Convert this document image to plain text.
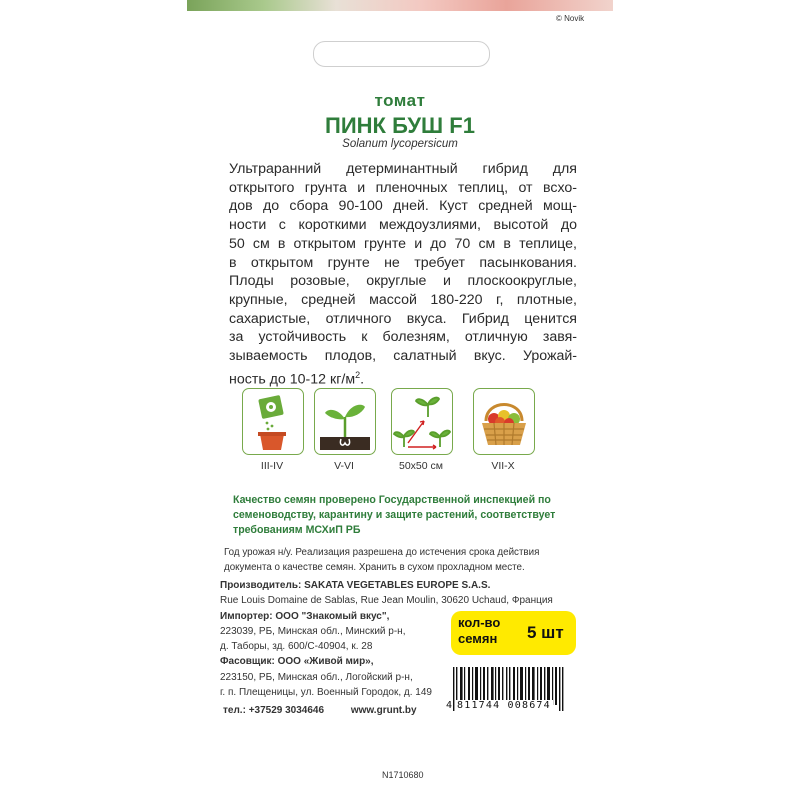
© Novik
томат
ПИНК БУШ F1
Solanum lycopersicum

Ультраранний детерминантный гибрид для
открытого грунта и пленочных теплиц, от всхо-
дов до сбора 90-100 дней. Куст средней мощ-
ности с короткими междоузлиями, высотой до
50 см в открытом грунте и до 70 см в теплице,
в открытом грунте не требует пасынкования.
Плоды розовые, округлые и плоскоокруглые,
крупные, средней массой 180-220 г, плотные,
сахаристые, отличного вкуса. Гибрид ценится
за устойчивость к болезням, отличную завя-
зываемость плодов, салатный вкус. Урожай-
ность до 10-12 $кг/м^2$.

III-IV	V-VI	50x50 см	VII-X
Качество семян проверено Государственной инспекцией по
семеноводству, карантину и защите растений, соответствует
требованиям МСХиП РБ
Год урожая н/у. Реализация разрешена до истечения срока действия
документа о качестве семян. Хранить в сухом прохладном месте.
Производитель: SAKATA VEGETABLES EUROPE S.A.S.
Rue Louis Domaine de Sablas, Rue Jean Moulin, 30620 Uchaud, Франция
Импортер: ООО "Знакомый вкус",
223039, РБ, Минская обл., Минский р-н,
д. Таборы, зд. 600/С-40904, к. 28
Фасовщик: ООО «Живой мир»,
223150, РБ, Минская обл., Логойский р-н,
г. п. Плещеницы, ул. Военный Городок, д. 149
тел.: +37529 3034646	www.grunt.by
кол-во
семян 5 шт
4 811744 008674
N1710680
